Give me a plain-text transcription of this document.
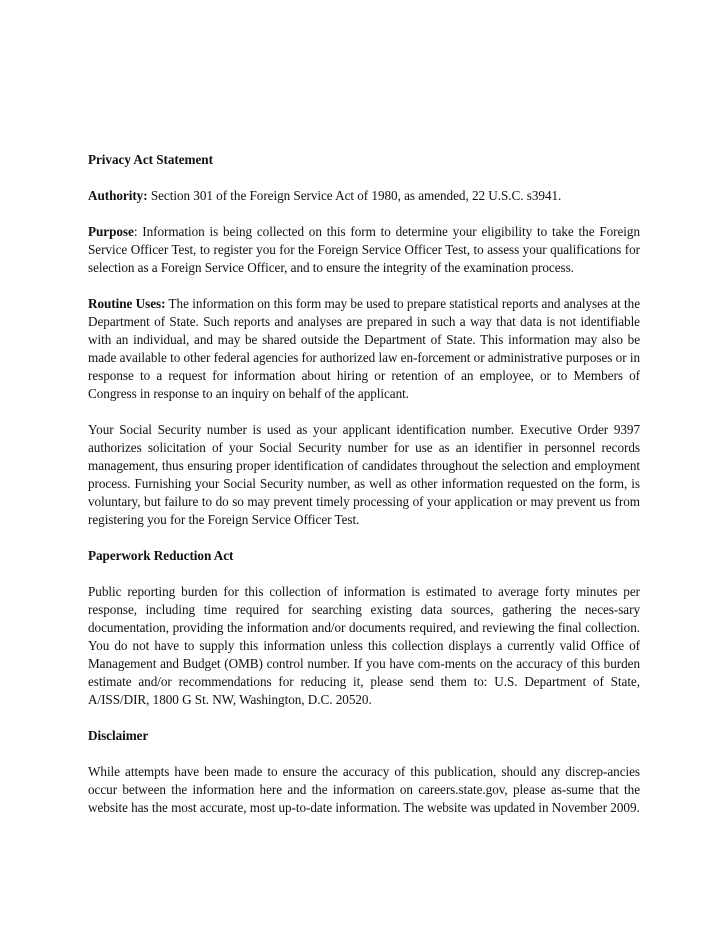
Privacy Act Statement

Authority: Section 301 of the Foreign Service Act of 1980, as amended, 22 U.S.C. s3941.

Purpose: Information is being collected on this form to determine your eligibility to take the Foreign Service Officer Test, to register you for the Foreign Service Officer Test, to assess your qualifications for selection as a Foreign Service Officer, and to ensure the integrity of the examination process.

Routine Uses: The information on this form may be used to prepare statistical reports and analyses at the Department of State. Such reports and analyses are prepared in such a way that data is not identifiable with an individual, and may be shared outside the Department of State. This information may also be made available to other federal agencies for authorized law en-forcement or administrative purposes or in response to a request for information about hiring or retention of an employee, or to Members of Congress in response to an inquiry on behalf of the applicant.

Your Social Security number is used as your applicant identification number. Executive Order 9397 authorizes solicitation of your Social Security number for use as an identifier in personnel records management, thus ensuring proper identification of candidates throughout the selection and employment process. Furnishing your Social Security number, as well as other information requested on the form, is voluntary, but failure to do so may prevent timely processing of your application or may prevent us from registering you for the Foreign Service Officer Test.

Paperwork Reduction Act

Public reporting burden for this collection of information is estimated to average forty minutes per response, including time required for searching existing data sources, gathering the neces-sary documentation, providing the information and/or documents required, and reviewing the final collection. You do not have to supply this information unless this collection displays a currently valid Office of Management and Budget (OMB) control number. If you have com-ments on the accuracy of this burden estimate and/or recommendations for reducing it, please send them to: U.S. Department of State, A/ISS/DIR, 1800 G St. NW, Washington, D.C. 20520.

Disclaimer

While attempts have been made to ensure the accuracy of this publication, should any discrep-ancies occur between the information here and the information on careers.state.gov, please as-sume that the website has the most accurate, most up-to-date information. The website was updated in November 2009.
